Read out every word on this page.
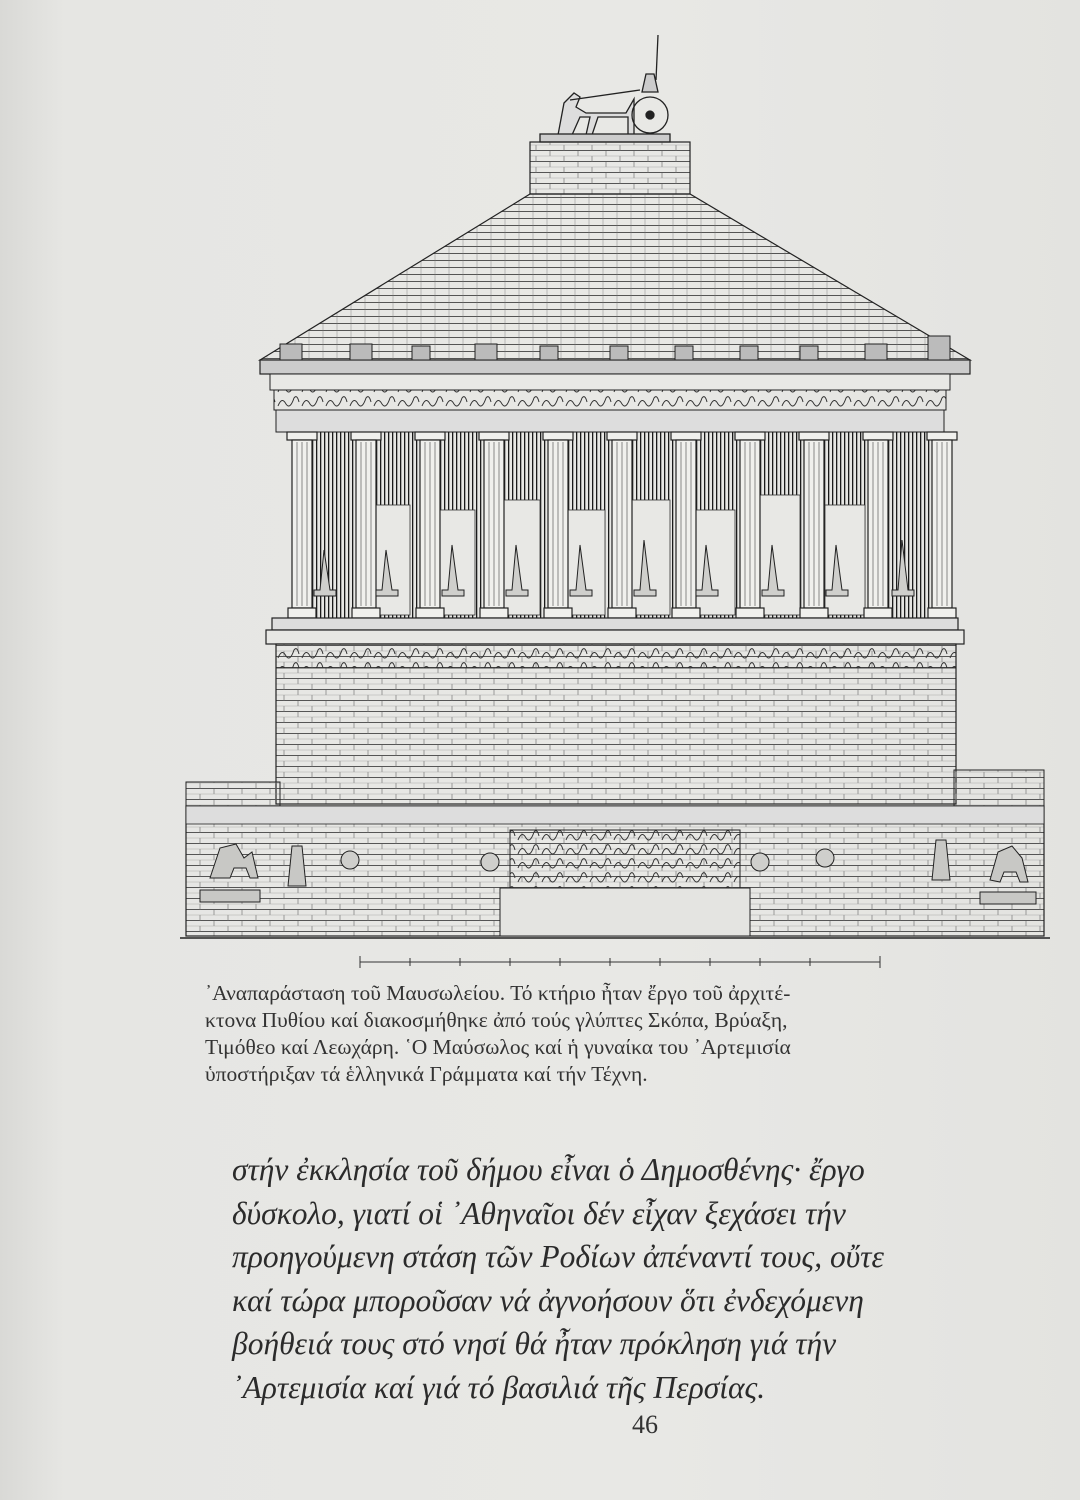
᾿Αναπαράσταση τοῦ Μαυσωλείου. Τό κτήριο ἦταν ἔργο τοῦ ἀρχιτέ-
κτονα Πυθίου καί διακοσμήθηκε ἀπό τούς γλύπτες Σκόπα, Βρύαξη,
Τιμόθεο καί Λεωχάρη. ῾Ο Μαύσωλος καί ἡ γυναίκα του ᾿Αρτεμισία
ὑποστήριξαν τά ἑλληνικά Γράμματα καί τήν Τέχνη.
στήν ἐκκλησία τοῦ δήμου εἶναι ὁ Δημοσθένης· ἔργο
δύσκολο, γιατί οἱ ᾿Αθηναῖοι δέν εἶχαν ξεχάσει τήν
προηγούμενη στάση τῶν Ροδίων ἀπέναντί τους, οὔτε
καί τώρα μποροῦσαν νά ἀγνοήσουν ὅτι ἐνδεχόμενη
βοήθειά τους στό νησί θά ἦταν πρόκληση γιά τήν
᾿Αρτεμισία καί γιά τό βασιλιά τῆς Περσίας.
46
